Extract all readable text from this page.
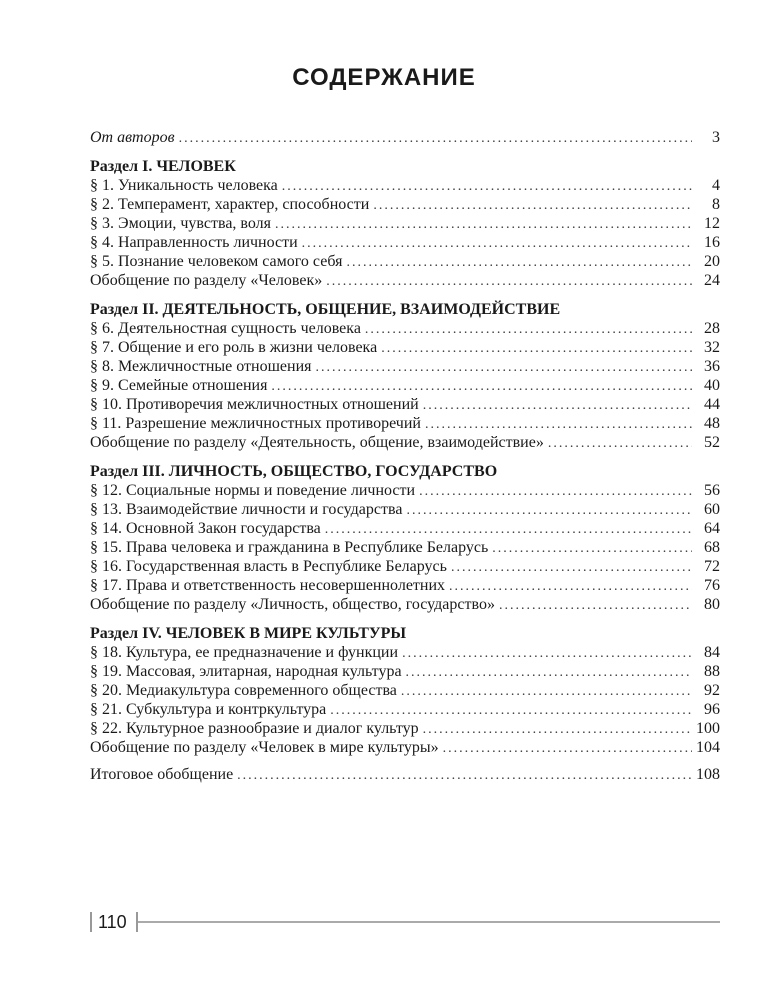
СОДЕРЖАНИЕ
От авторов .....	3
Раздел I. ЧЕЛОВЕК
§ 1. Уникальность человека .....	4
§ 2. Темперамент, характер, способности .....	8
§ 3. Эмоции, чувства, воля .....	12
§ 4. Направленность личности .....	16
§ 5. Познание человеком самого себя .....	20
Обобщение по разделу «Человек» .....	24
Раздел II. ДЕЯТЕЛЬНОСТЬ, ОБЩЕНИЕ, ВЗАИМОДЕЙСТВИЕ
§ 6. Деятельностная сущность человека .....	28
§ 7. Общение и его роль в жизни человека .....	32
§ 8. Межличностные отношения .....	36
§ 9. Семейные отношения .....	40
§ 10. Противоречия межличностных отношений .....	44
§ 11. Разрешение межличностных противоречий .....	48
Обобщение по разделу «Деятельность, общение, взаимодействие» .....	52
Раздел III. ЛИЧНОСТЬ, ОБЩЕСТВО, ГОСУДАРСТВО
§ 12. Социальные нормы и поведение личности .....	56
§ 13. Взаимодействие личности и государства .....	60
§ 14. Основной Закон государства .....	64
§ 15. Права человека и гражданина в Республике Беларусь .....	68
§ 16. Государственная власть в Республике Беларусь .....	72
§ 17. Права и ответственность несовершеннолетних .....	76
Обобщение по разделу «Личность, общество, государство» .....	80
Раздел IV. ЧЕЛОВЕК В МИРЕ КУЛЬТУРЫ
§ 18. Культура, ее предназначение и функции .....	84
§ 19. Массовая, элитарная, народная культура .....	88
§ 20. Медиакультура современного общества .....	92
§ 21. Субкультура и контркультура .....	96
§ 22. Культурное разнообразие и диалог культур .....	100
Обобщение по разделу «Человек в мире культуры» .....	104
Итоговое обобщение .....	108
110
